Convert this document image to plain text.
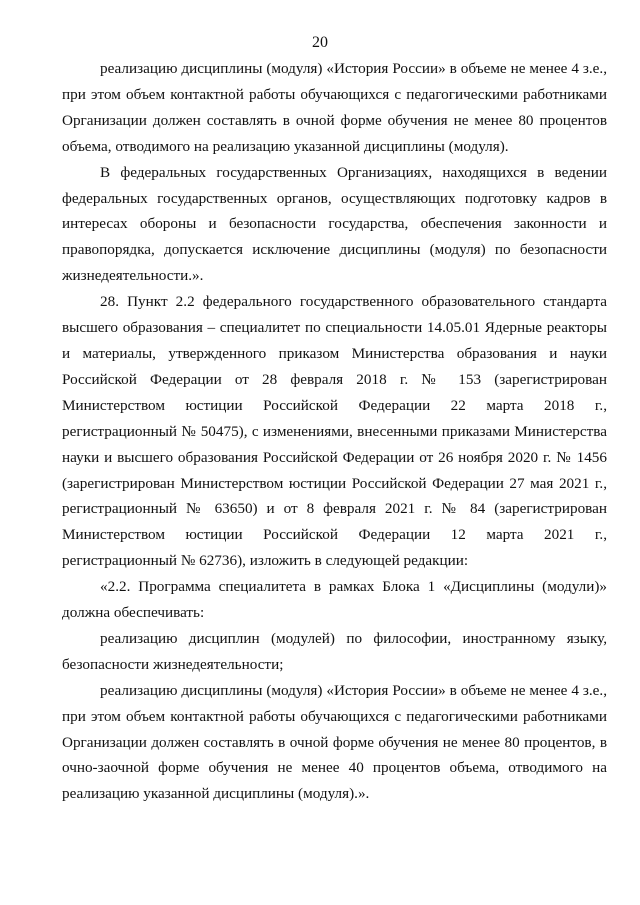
20

реализацию дисциплины (модуля) «История России» в объеме не менее 4 з.е., при этом объем контактной работы обучающихся с педагогическими работниками Организации должен составлять в очной форме обучения не менее 80 процентов объема, отводимого на реализацию указанной дисциплины (модуля).

В федеральных государственных Организациях, находящихся в ведении федеральных государственных органов, осуществляющих подготовку кадров в интересах обороны и безопасности государства, обеспечения законности и правопорядка, допускается исключение дисциплины (модуля) по безопасности жизнедеятельности.».

28. Пункт 2.2 федерального государственного образовательного стандарта высшего образования – специалитет по специальности 14.05.01 Ядерные реакторы и материалы, утвержденного приказом Министерства образования и науки Российской Федерации от 28 февраля 2018 г. № 153 (зарегистрирован Министерством юстиции Российской Федерации 22 марта 2018 г., регистрационный № 50475), с изменениями, внесенными приказами Министерства науки и высшего образования Российской Федерации от 26 ноября 2020 г. № 1456 (зарегистрирован Министерством юстиции Российской Федерации 27 мая 2021 г., регистрационный № 63650) и от 8 февраля 2021 г. № 84 (зарегистрирован Министерством юстиции Российской Федерации 12 марта 2021 г., регистрационный № 62736), изложить в следующей редакции:

«2.2. Программа специалитета в рамках Блока 1 «Дисциплины (модули)» должна обеспечивать:

реализацию дисциплин (модулей) по философии, иностранному языку, безопасности жизнедеятельности;

реализацию дисциплины (модуля) «История России» в объеме не менее 4 з.е., при этом объем контактной работы обучающихся с педагогическими работниками Организации должен составлять в очной форме обучения не менее 80 процентов, в очно-заочной форме обучения не менее 40 процентов объема, отводимого на реализацию указанной дисциплины (модуля).».
